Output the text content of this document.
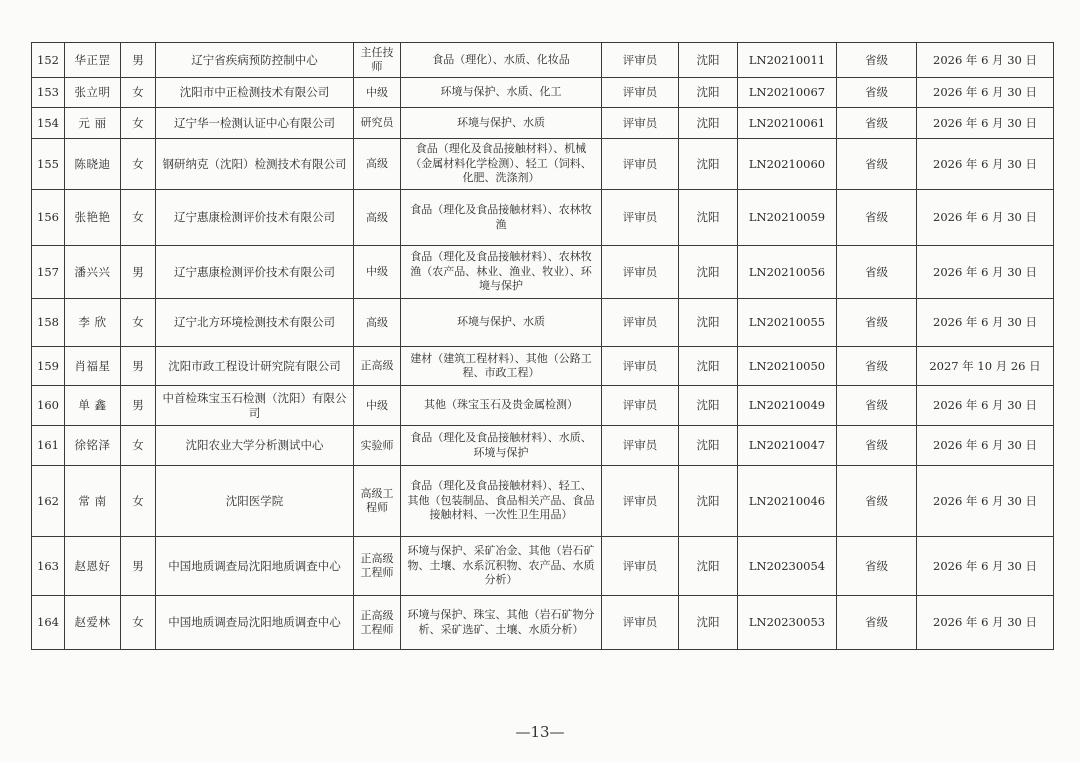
152	华正罡	男	辽宁省疾病预防控制中心	主任技师	食品（理化）、水质、化妆品	评审员	沈阳	LN20210011	省级	2026 年 6 月 30 日
153	张立明	女	沈阳市中正检测技术有限公司	中级	环境与保护、水质、化工	评审员	沈阳	LN20210067	省级	2026 年 6 月 30 日
154	元 丽	女	辽宁华一检测认证中心有限公司	研究员	环境与保护、水质	评审员	沈阳	LN20210061	省级	2026 年 6 月 30 日
155	陈晓迪	女	钢研纳克（沈阳）检测技术有限公司	高级	食品（理化及食品接触材料）、机械（金属材料化学检测）、轻工（饲料、化肥、洗涤剂）	评审员	沈阳	LN20210060	省级	2026 年 6 月 30 日
156	张艳艳	女	辽宁惠康检测评价技术有限公司	高级	食品（理化及食品接触材料）、农林牧渔	评审员	沈阳	LN20210059	省级	2026 年 6 月 30 日
157	潘兴兴	男	辽宁惠康检测评价技术有限公司	中级	食品（理化及食品接触材料）、农林牧渔（农产品、林业、渔业、牧业）、环境与保护	评审员	沈阳	LN20210056	省级	2026 年 6 月 30 日
158	李 欣	女	辽宁北方环境检测技术有限公司	高级	环境与保护、水质	评审员	沈阳	LN20210055	省级	2026 年 6 月 30 日
159	肖福星	男	沈阳市政工程设计研究院有限公司	正高级	建材（建筑工程材料）、其他（公路工程、市政工程）	评审员	沈阳	LN20210050	省级	2027 年 10 月 26 日
160	单 鑫	男	中首检珠宝玉石检测（沈阳）有限公司	中级	其他（珠宝玉石及贵金属检测）	评审员	沈阳	LN20210049	省级	2026 年 6 月 30 日
161	徐铭泽	女	沈阳农业大学分析测试中心	实验师	食品（理化及食品接触材料）、水质、环境与保护	评审员	沈阳	LN20210047	省级	2026 年 6 月 30 日
162	常 南	女	沈阳医学院	高级工程师	食品（理化及食品接触材料）、轻工、其他（包装制品、食品相关产品、食品接触材料、一次性卫生用品）	评审员	沈阳	LN20210046	省级	2026 年 6 月 30 日
163	赵恩好	男	中国地质调查局沈阳地质调查中心	正高级工程师	环境与保护、采矿冶金、其他（岩石矿物、土壤、水系沉积物、农产品、水质分析）	评审员	沈阳	LN20230054	省级	2026 年 6 月 30 日
164	赵爱林	女	中国地质调查局沈阳地质调查中心	正高级工程师	环境与保护、珠宝、其他（岩石矿物分析、采矿选矿、土壤、水质分析）	评审员	沈阳	LN20230053	省级	2026 年 6 月 30 日
—13—
